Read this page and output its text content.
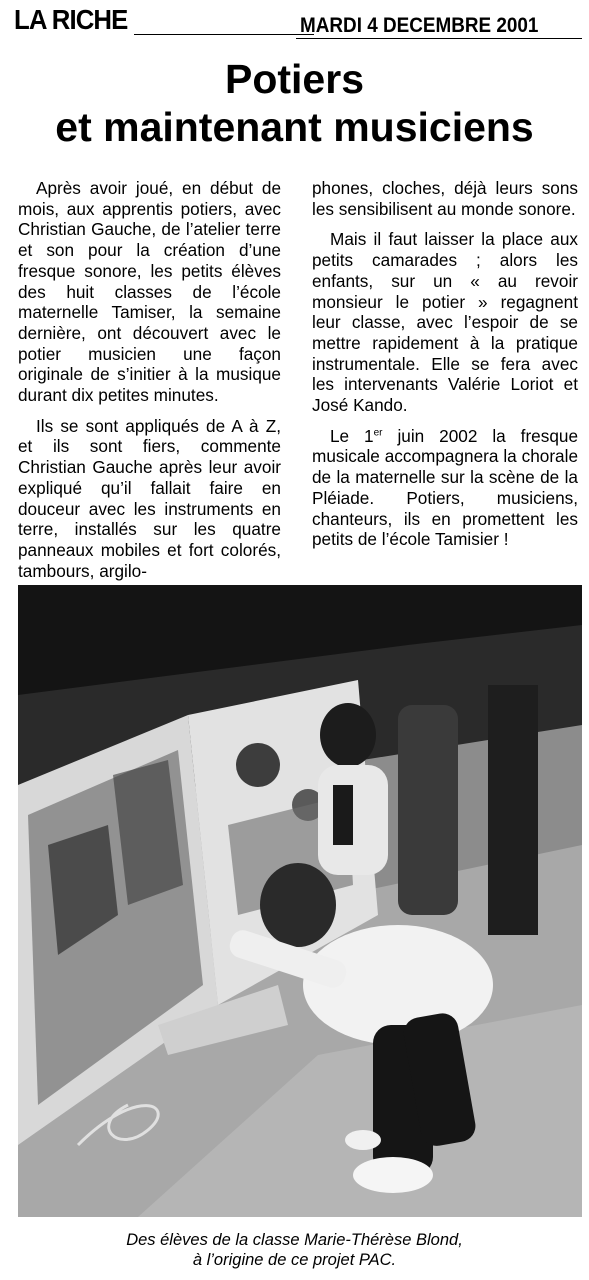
LA RICHE	MARDI 4 DECEMBRE 2001
Potiers
et maintenant musiciens

Après avoir joué, en début de mois, aux apprentis potiers, avec Christian Gauche, de l’atelier terre et son pour la création d’une fresque sonore, les petits élèves des huit classes de l’école maternelle Tamiser, la semaine dernière, ont découvert avec le potier musicien une façon originale de s’initier à la musique durant dix petites minutes.

Ils se sont appliqués de A à Z, et ils sont fiers, commente Christian Gauche après leur avoir expliqué qu’il fallait faire en douceur avec les instruments en terre, installés sur les quatre panneaux mobiles et fort colorés, tambours, argilo-

phones, cloches, déjà leurs sons les sensibilisent au monde sonore.

Mais il faut laisser la place aux petits camarades ; alors les enfants, sur un « au revoir monsieur le potier » regagnent leur classe, avec l’espoir de se mettre rapidement à la pratique instrumentale. Elle se fera avec les intervenants Valérie Loriot et José Kando.

Le 1er juin 2002 la fresque musicale accompagnera la chorale de la maternelle sur la scène de la Pléiade. Potiers, musiciens, chanteurs, ils en promettent les petits de l’école Tamisier !

Des élèves de la classe Marie-Thérèse Blond,
à l’origine de ce projet PAC.
